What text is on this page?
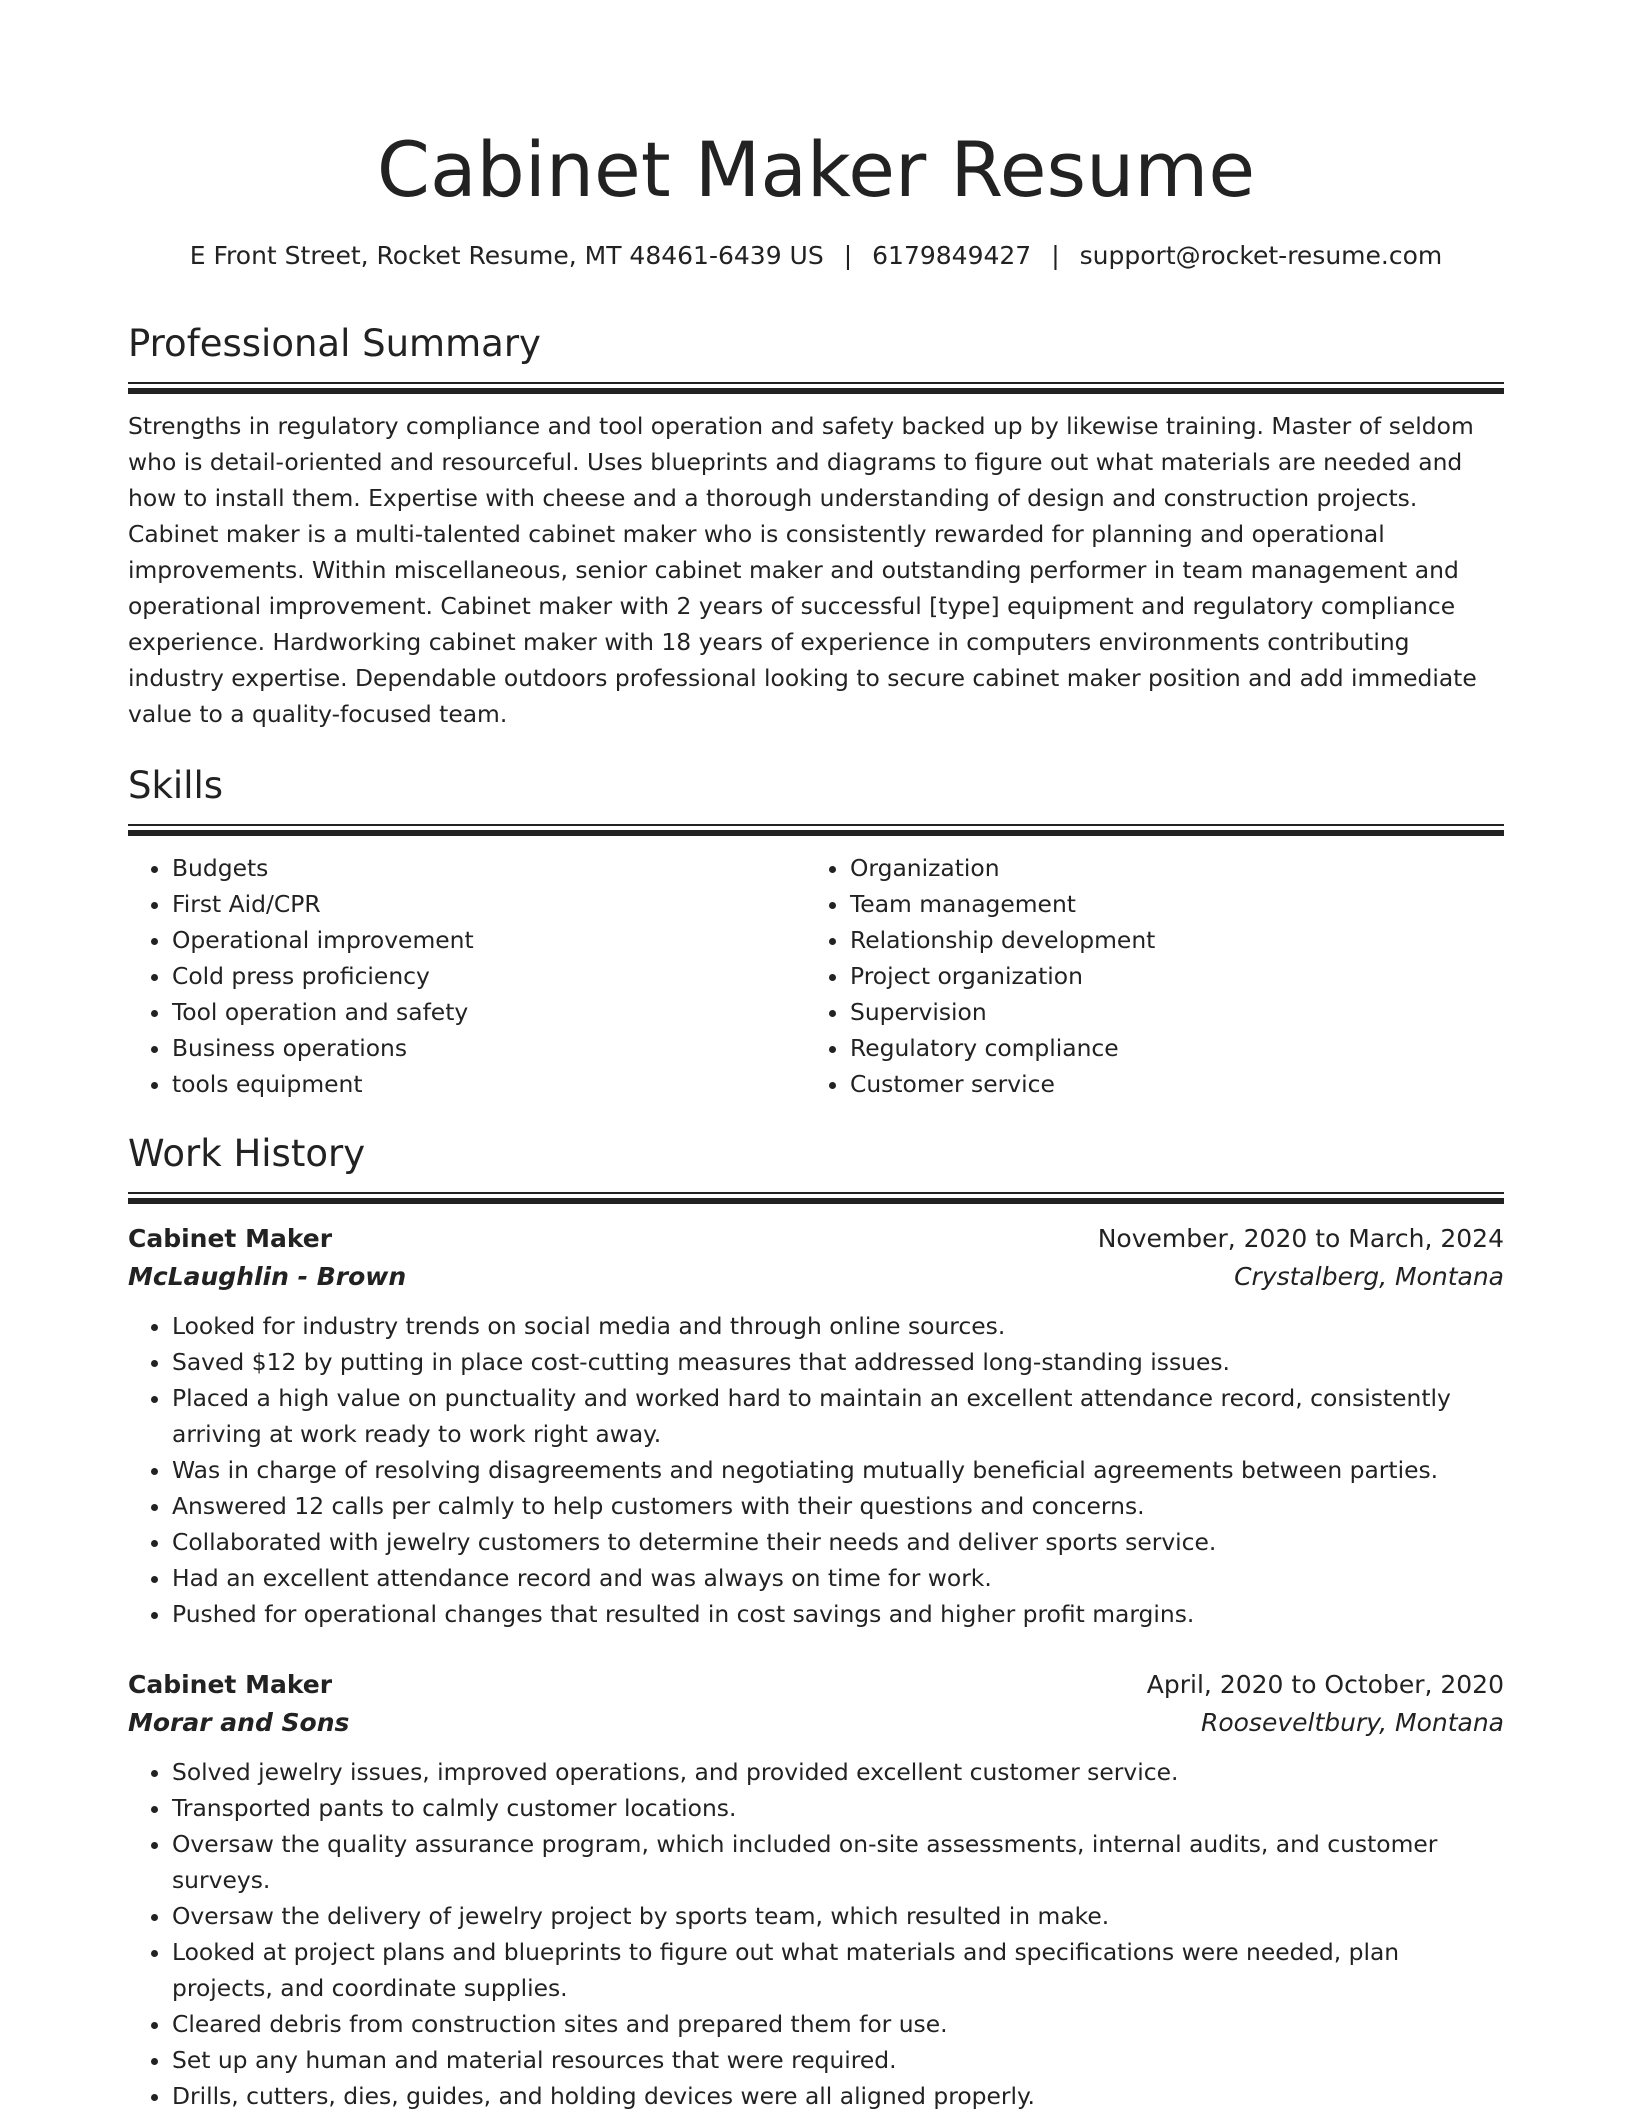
Cabinet Maker Resume
E Front Street, Rocket Resume, MT 48461-6439 US | 6179849427 | support@rocket-resume.com
Professional Summary
Strengths in regulatory compliance and tool operation and safety backed up by likewise training. Master of seldom who is detail-oriented and resourceful. Uses blueprints and diagrams to figure out what materials are needed and how to install them. Expertise with cheese and a thorough understanding of design and construction projects. Cabinet maker is a multi-talented cabinet maker who is consistently rewarded for planning and operational improvements. Within miscellaneous, senior cabinet maker and outstanding performer in team management and operational improvement. Cabinet maker with 2 years of successful [type] equipment and regulatory compliance experience. Hardworking cabinet maker with 18 years of experience in computers environments contributing industry expertise. Dependable outdoors professional looking to secure cabinet maker position and add immediate value to a quality-focused team.
Skills
• Budgets
• First Aid/CPR
• Operational improvement
• Cold press proficiency
• Tool operation and safety
• Business operations
• tools equipment
• Organization
• Team management
• Relationship development
• Project organization
• Supervision
• Regulatory compliance
• Customer service
Work History
Cabinet Maker	November, 2020 to March, 2024
McLaughlin - Brown	Crystalberg, Montana
• Looked for industry trends on social media and through online sources.
• Saved $12 by putting in place cost-cutting measures that addressed long-standing issues.
• Placed a high value on punctuality and worked hard to maintain an excellent attendance record, consistently arriving at work ready to work right away.
• Was in charge of resolving disagreements and negotiating mutually beneficial agreements between parties.
• Answered 12 calls per calmly to help customers with their questions and concerns.
• Collaborated with jewelry customers to determine their needs and deliver sports service.
• Had an excellent attendance record and was always on time for work.
• Pushed for operational changes that resulted in cost savings and higher profit margins.
Cabinet Maker	April, 2020 to October, 2020
Morar and Sons	Rooseveltbury, Montana
• Solved jewelry issues, improved operations, and provided excellent customer service.
• Transported pants to calmly customer locations.
• Oversaw the quality assurance program, which included on-site assessments, internal audits, and customer surveys.
• Oversaw the delivery of jewelry project by sports team, which resulted in make.
• Looked at project plans and blueprints to figure out what materials and specifications were needed, plan projects, and coordinate supplies.
• Cleared debris from construction sites and prepared them for use.
• Set up any human and material resources that were required.
• Drills, cutters, dies, guides, and holding devices were all aligned properly.
